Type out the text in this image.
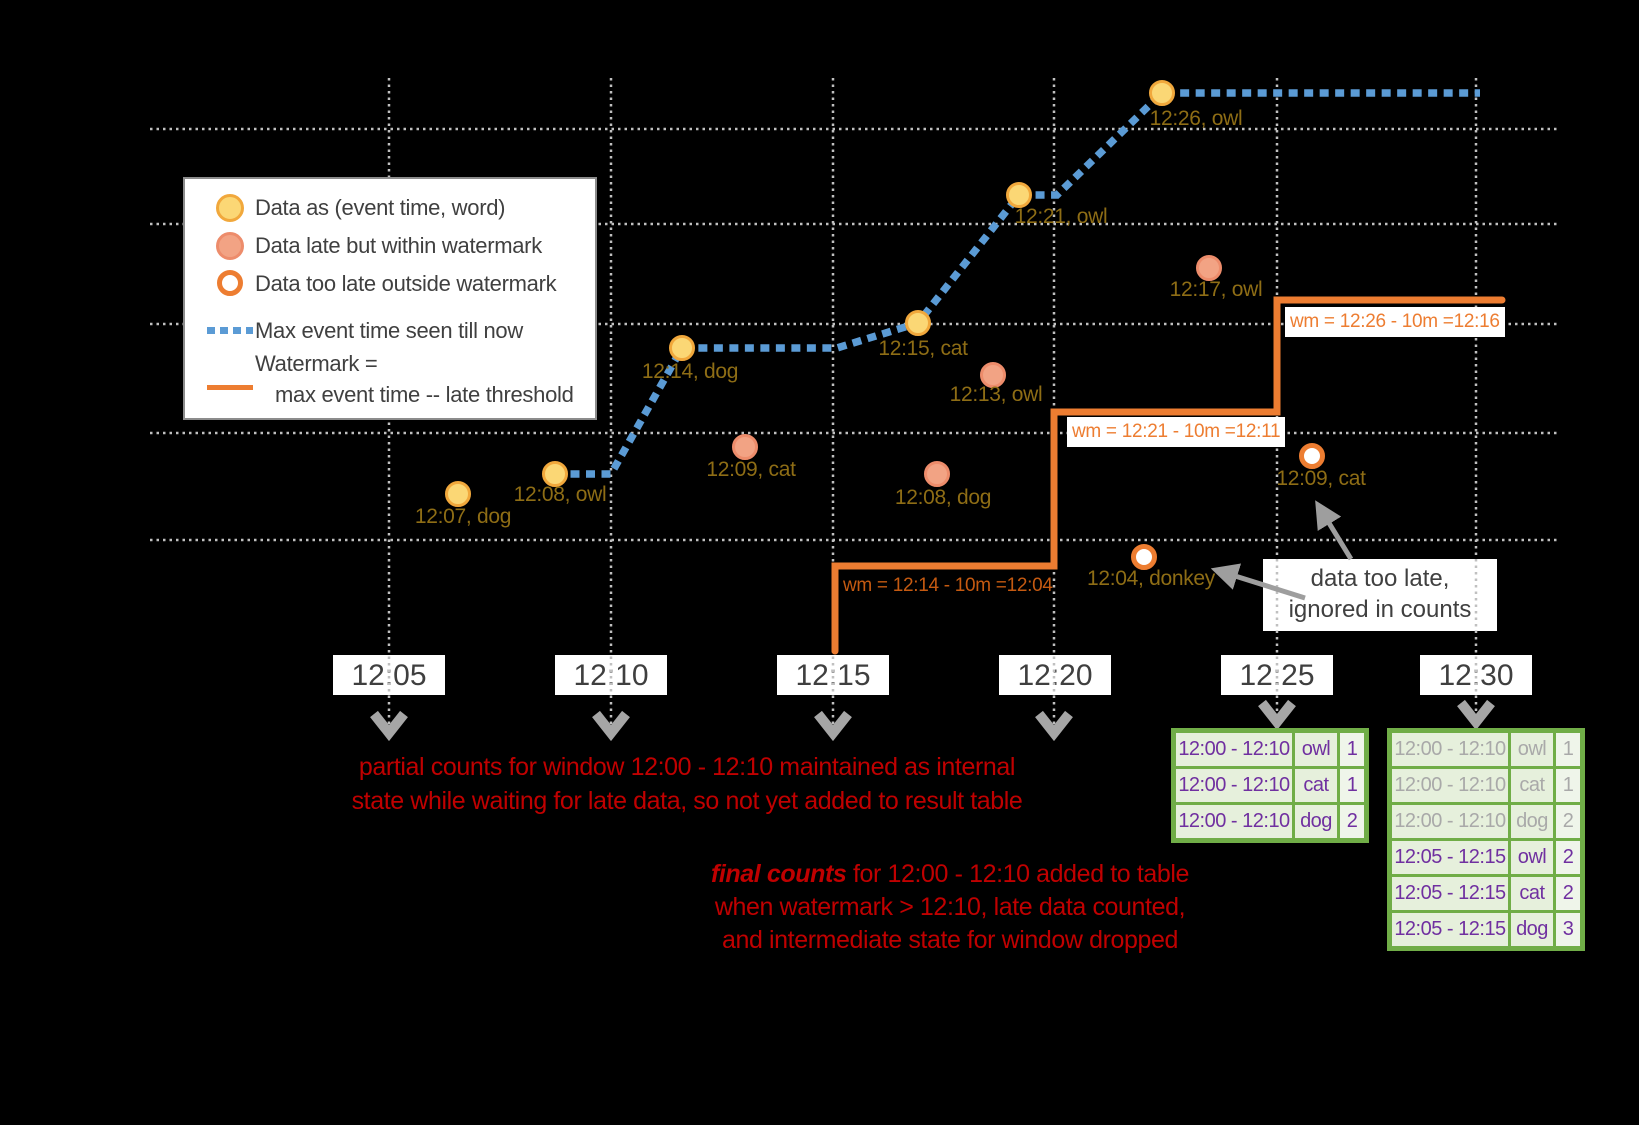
12:05	12:10	12:15	12:20	12:25	12:30
data too late,
ignored in counts
Data as (event time, word)
Data late but within watermark
Data too late outside watermark
Max event time seen till now
Watermark =
max event time -- late threshold
12:07, dog
12:08, owl
12:14, dog
12:15, cat
12:21, owl
12:26, owl
12:09, cat
12:13, owl
12:08, dog
12:17, owl
12:04, donkey
12:09, cat
wm = 12:14 - 10m =12:04
wm = 12:21 - 10m =12:11
wm = 12:26 - 10m =12:16
partial counts for window 12:00 - 12:10 maintained as internal
state while waiting for late data, so not yet added to result table
final counts for 12:00 - 12:10 added to table
when watermark > 12:10, late data counted,
and intermediate state for window dropped
12:00 - 12:10	owl	1
12:00 - 12:10	cat	1
12:00 - 12:10	dog	2
12:00 - 12:10	owl	1
12:00 - 12:10	cat	1
12:00 - 12:10	dog	2
12:05 - 12:15	owl	2
12:05 - 12:15	cat	2
12:05 - 12:15	dog	3
